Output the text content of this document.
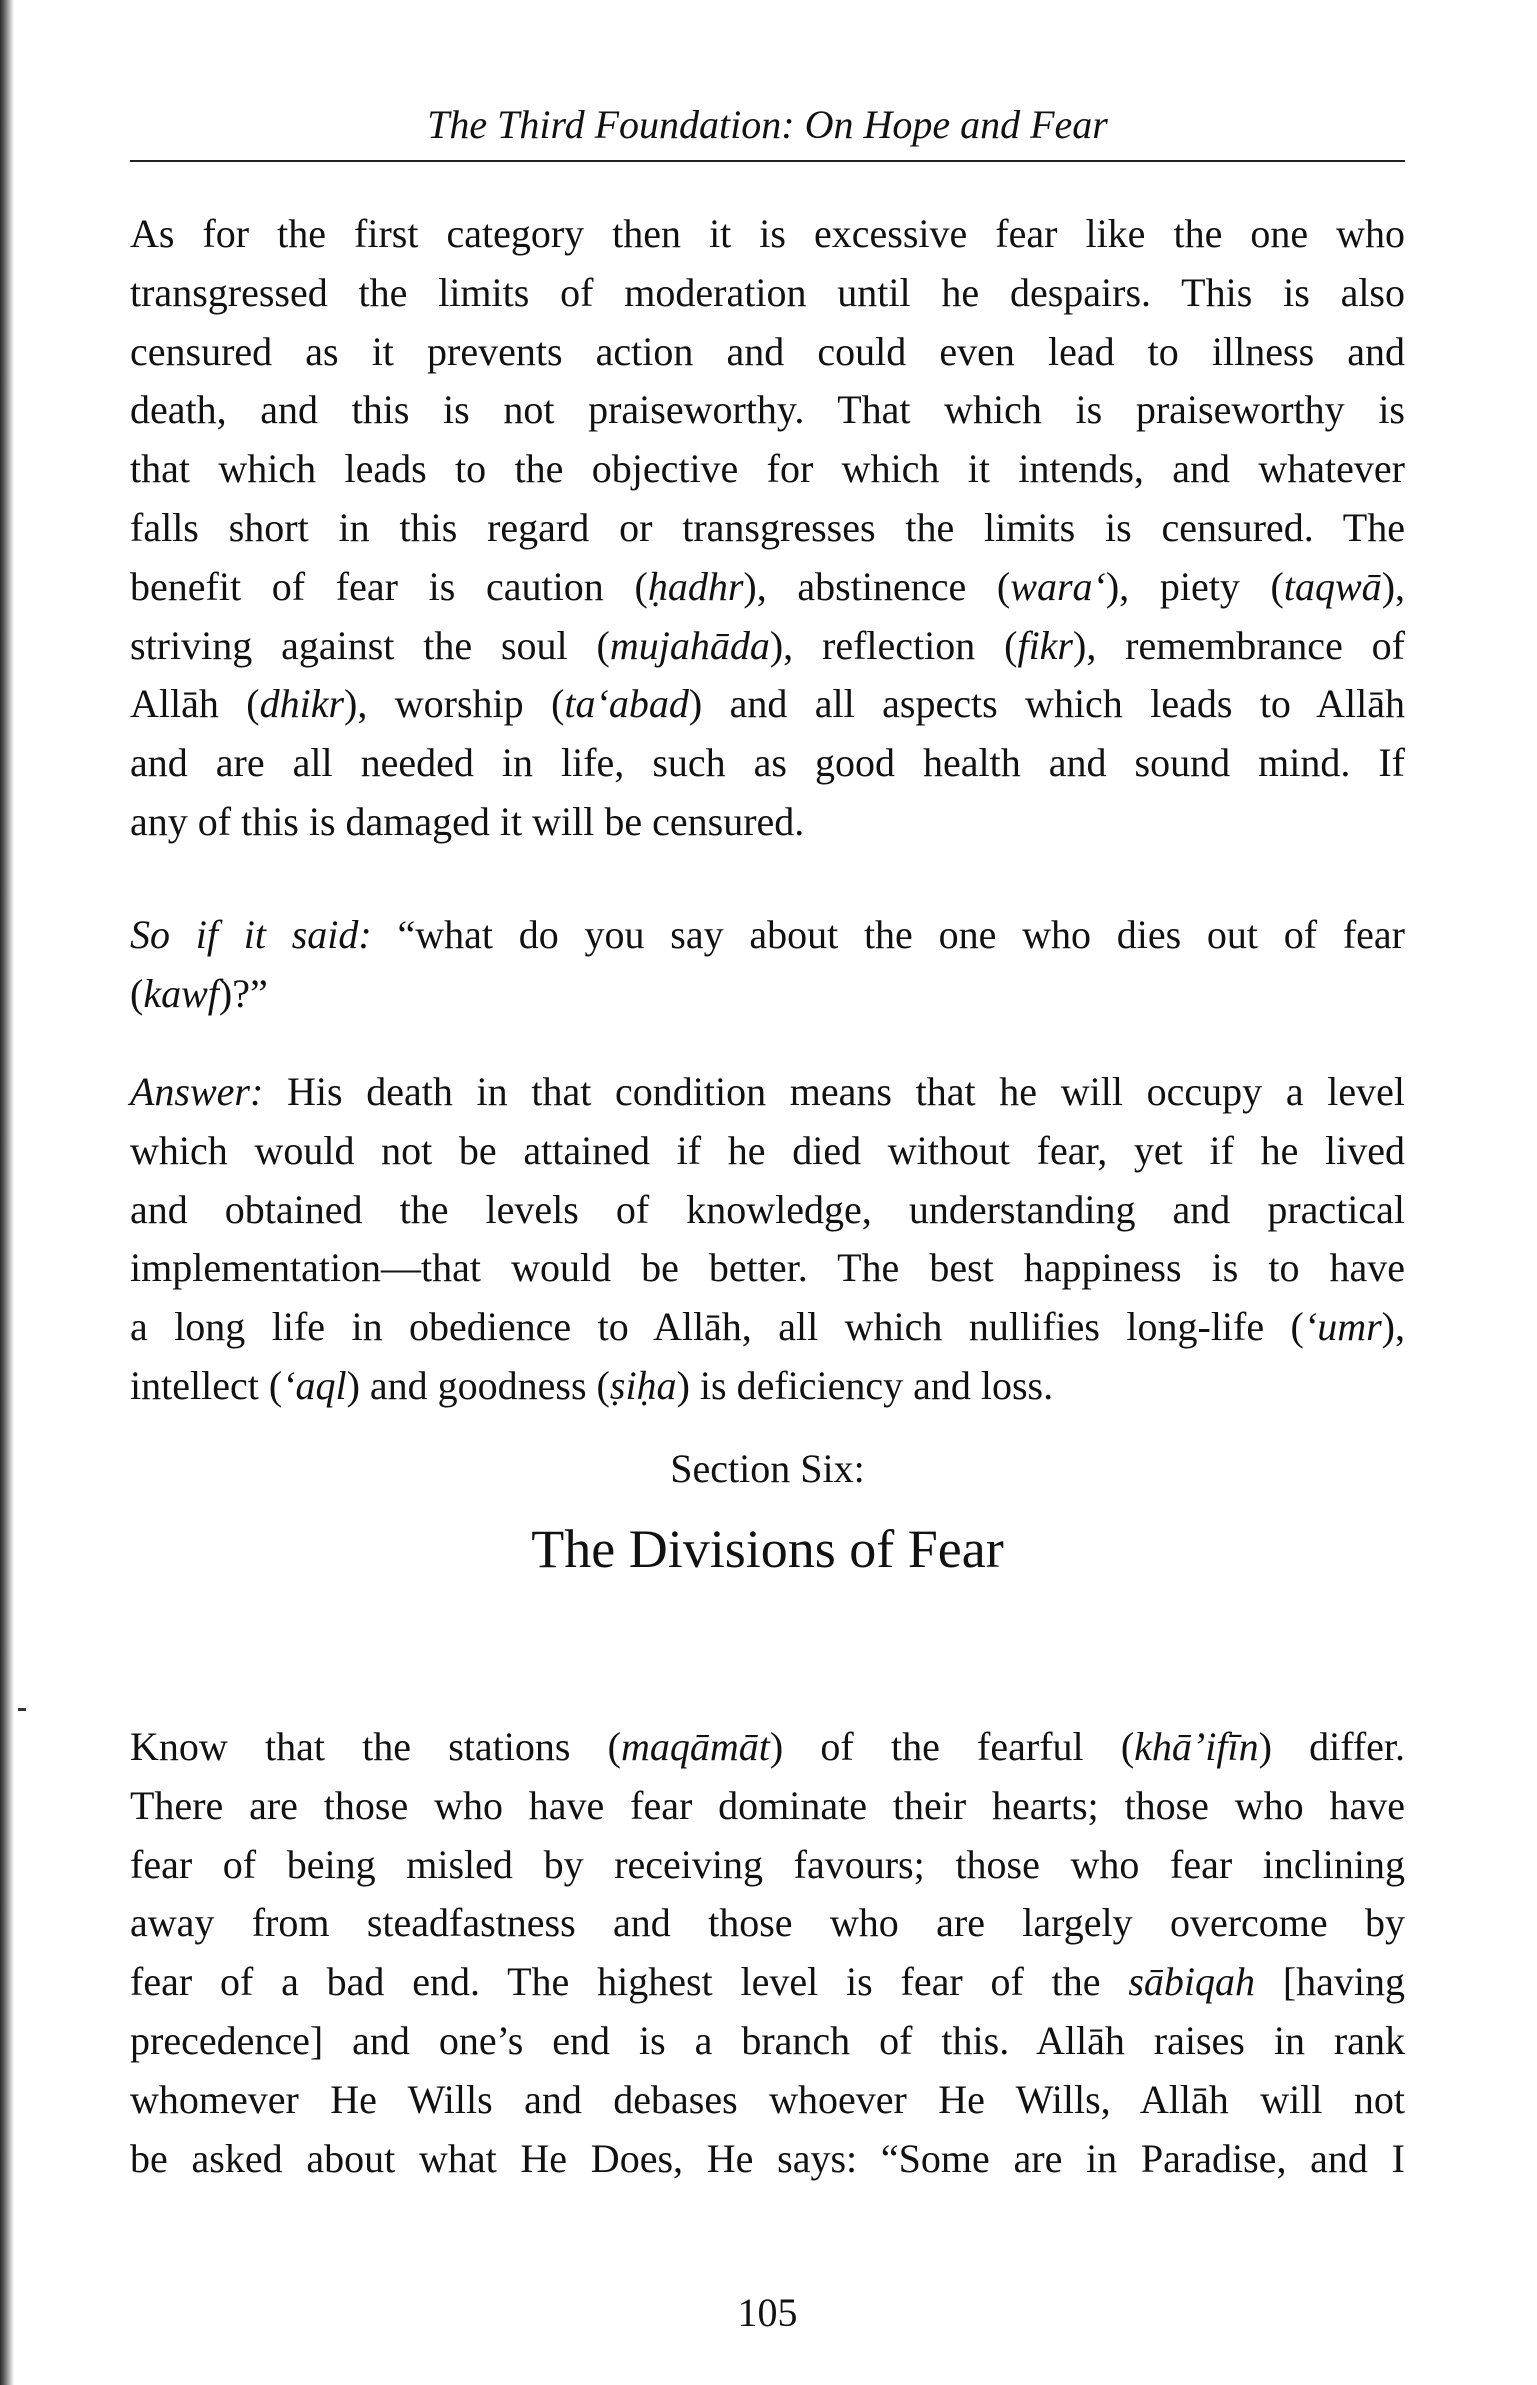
The Third Foundation: On Hope and Fear
As for the first category then it is excessive fear like the one who
transgressed the limits of moderation until he despairs. This is also
censured as it prevents action and could even lead to illness and
death, and this is not praiseworthy. That which is praiseworthy is
that which leads to the objective for which it intends, and whatever
falls short in this regard or transgresses the limits is censured. The
benefit of fear is caution (ḥadhr), abstinence (wara‘), piety (taqwā),
striving against the soul (mujahāda), reflection (fikr), remembrance of
Allāh (dhikr), worship (ta‘abad) and all aspects which leads to Allāh
and are all needed in life, such as good health and sound mind. If
any of this is damaged it will be censured.
So if it said: “what do you say about the one who dies out of fear
(kawf)?”
Answer: His death in that condition means that he will occupy a level
which would not be attained if he died without fear, yet if he lived
and obtained the levels of knowledge, understanding and practical
implementation—that would be better. The best happiness is to have
a long life in obedience to Allāh, all which nullifies long-life (‘umr),
intellect (‘aql) and goodness (ṣiḥa) is deficiency and loss.
Section Six:
The Divisions of Fear
Know that the stations (maqāmāt) of the fearful (khā’ifīn) differ.
There are those who have fear dominate their hearts; those who have
fear of being misled by receiving favours; those who fear inclining
away from steadfastness and those who are largely overcome by
fear of a bad end. The highest level is fear of the sābiqah [having
precedence] and one’s end is a branch of this. Allāh raises in rank
whomever He Wills and debases whoever He Wills, Allāh will not
be asked about what He Does, He says: “Some are in Paradise, and I
105
